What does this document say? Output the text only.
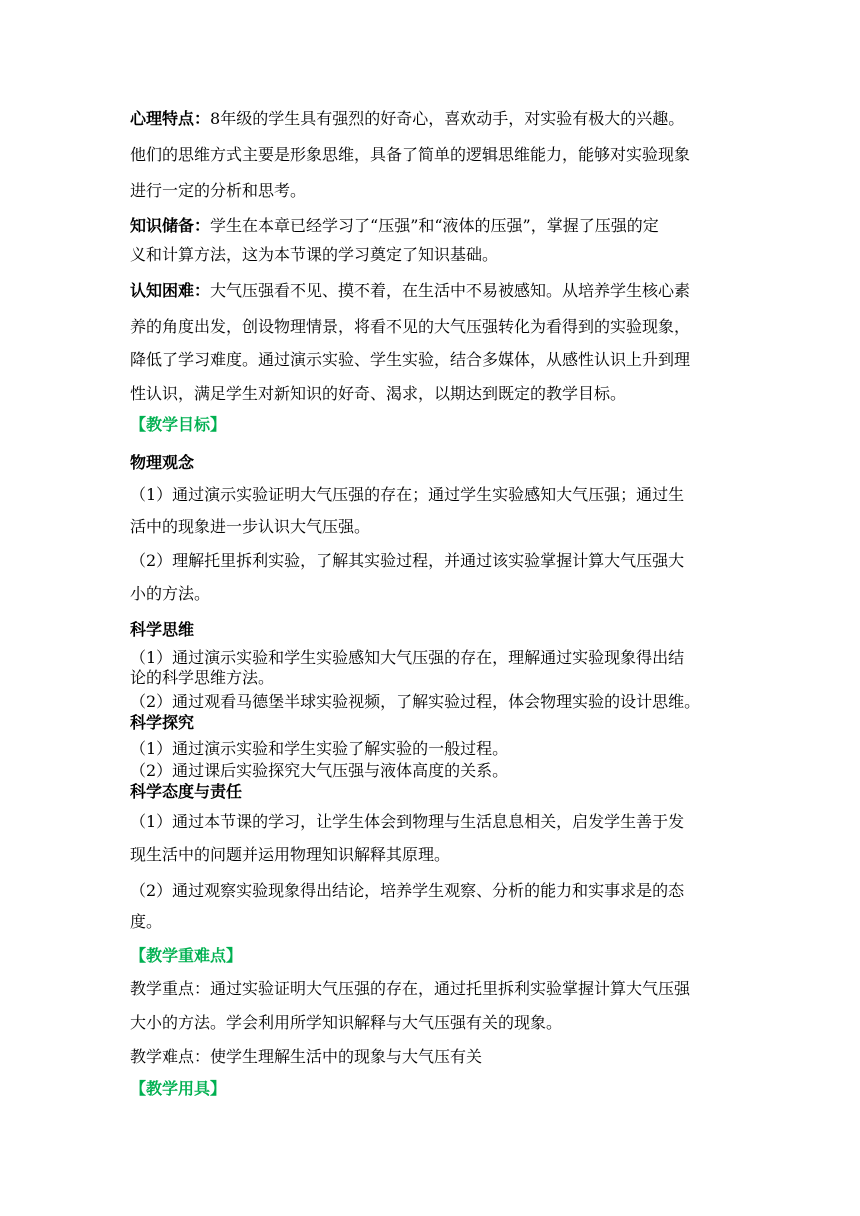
心理特点：8年级的学生具有强烈的好奇心，喜欢动手，对实验有极大的兴趣。
他们的思维方式主要是形象思维，具备了简单的逻辑思维能力，能够对实验现象
进行一定的分析和思考。
知识储备：学生在本章已经学习了“压强”和“液体的压强”，掌握了压强的定
义和计算方法，这为本节课的学习奠定了知识基础。
认知困难：大气压强看不见、摸不着，在生活中不易被感知。从培养学生核心素
养的角度出发，创设物理情景，将看不见的大气压强转化为看得到的实验现象，
降低了学习难度。通过演示实验、学生实验，结合多媒体，从感性认识上升到理
性认识，满足学生对新知识的好奇、渴求，以期达到既定的教学目标。
【教学目标】
物理观念
（1）通过演示实验证明大气压强的存在；通过学生实验感知大气压强；通过生
活中的现象进一步认识大气压强。
（2）理解托里拆利实验，了解其实验过程，并通过该实验掌握计算大气压强大
小的方法。
科学思维
（1）通过演示实验和学生实验感知大气压强的存在，理解通过实验现象得出结
论的科学思维方法。
（2）通过观看马德堡半球实验视频，了解实验过程，体会物理实验的设计思维。
科学探究
（1）通过演示实验和学生实验了解实验的一般过程。
（2）通过课后实验探究大气压强与液体高度的关系。
科学态度与责任
（1）通过本节课的学习，让学生体会到物理与生活息息相关，启发学生善于发
现生活中的问题并运用物理知识解释其原理。
（2）通过观察实验现象得出结论，培养学生观察、分析的能力和实事求是的态
度。
【教学重难点】
教学重点：通过实验证明大气压强的存在，通过托里拆利实验掌握计算大气压强
大小的方法。学会利用所学知识解释与大气压强有关的现象。
教学难点：使学生理解生活中的现象与大气压有关
【教学用具】
